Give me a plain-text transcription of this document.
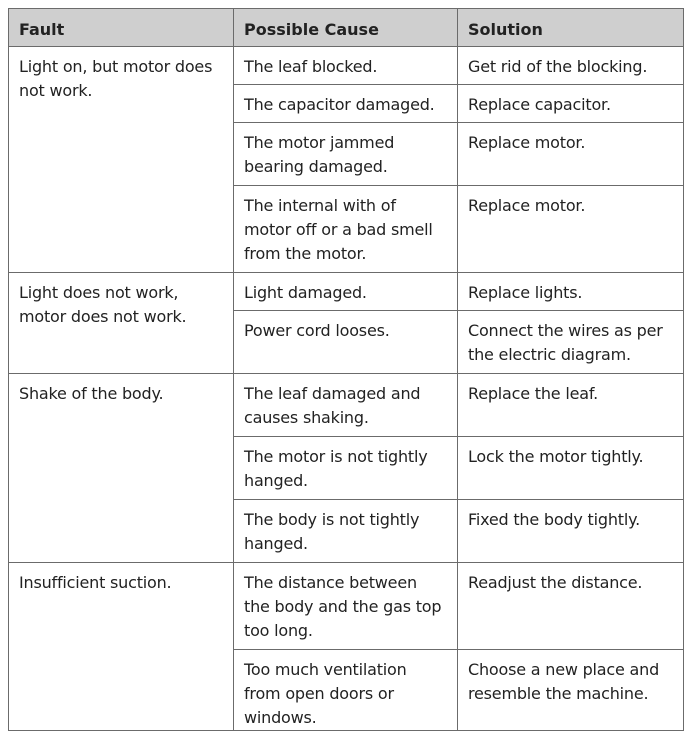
Fault	Possible Cause	Solution
Light on, but motor does not work.	The leaf blocked.	Get rid of the blocking.
	The capacitor damaged.	Replace capacitor.
	The motor jammed bearing damaged.	Replace motor.
	The internal with of motor off or a bad smell from the motor.	Replace motor.
Light does not work, motor does not work.	Light damaged.	Replace lights.
	Power cord looses.	Connect the wires as per the electric diagram.
Shake of the body.	The leaf damaged and causes shaking.	Replace the leaf.
	The motor is not tightly hanged.	Lock the motor tightly.
	The body is not tightly hanged.	Fixed the body tightly.
Insufficient suction.	The distance between the body and the gas top too long.	Readjust the distance.
	Too much ventilation from open doors or windows.	Choose a new place and resemble the machine.
